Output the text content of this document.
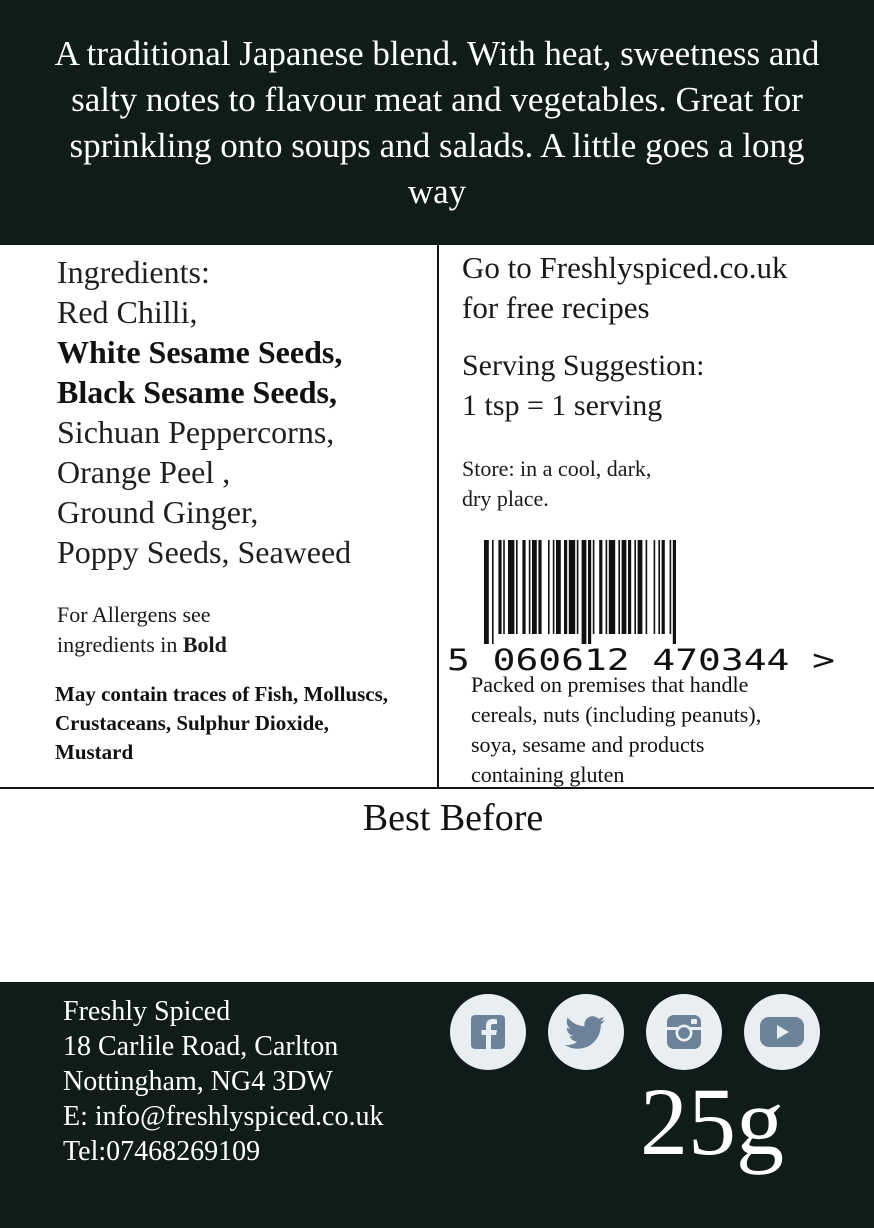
A traditional Japanese blend. With heat, sweetness and salty notes to flavour meat and vegetables. Great for sprinkling onto soups and salads. A little goes a long way

Ingredients:
Red Chilli,
White Sesame Seeds,
Black Sesame Seeds,
Sichuan Peppercorns,
Orange Peel ,
Ground Ginger,
Poppy Seeds, Seaweed
For Allergens see
ingredients in Bold
May contain traces of Fish, Molluscs,
Crustaceans, Sulphur Dioxide,
Mustard
Go to Freshlyspiced.co.uk
for free recipes
Serving Suggestion:
1 tsp = 1 serving
Store: in a cool, dark,
dry place.
5 060612 470344 >
Packed on premises that handle
cereals, nuts (including peanuts),
soya, sesame and products
containing gluten
Best Before
Freshly Spiced
18 Carlile Road, Carlton
Nottingham, NG4 3DW
E: info@freshlyspiced.co.uk
Tel:07468269109	25g
